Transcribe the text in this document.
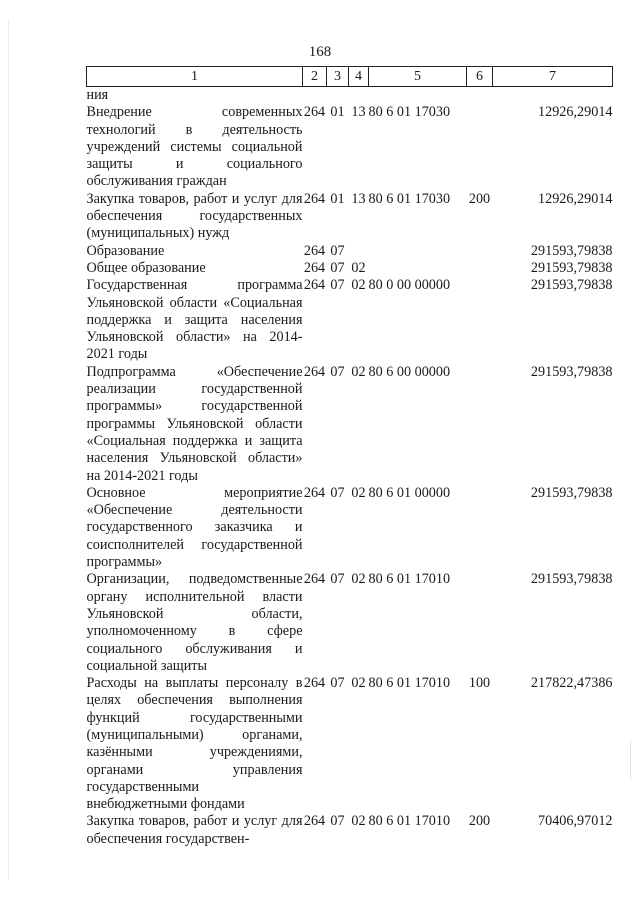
168
1	2	3	4	5	6	7
ния						
Внедрение современных технологий в деятельность учреждений системы социальной защиты и социального обслуживания граждан	264	01	13	80 6 01 17030		12926,29014
Закупка товаров, работ и услуг для обеспечения государственных (муниципальных) нужд	264	01	13	80 6 01 17030	200	12926,29014
Образование	264	07				291593,79838
Общее образование	264	07	02			291593,79838
Государственная программа Ульяновской области «Социальная поддержка и защита населения Ульяновской области» на 2014-2021 годы	264	07	02	80 0 00 00000		291593,79838
Подпрограмма «Обеспечение реализации государственной программы» государственной программы Ульяновской области «Социальная поддержка и защита населения Ульяновской области» на 2014-2021 годы	264	07	02	80 6 00 00000		291593,79838
Основное мероприятие «Обеспечение деятельности государственного заказчика и соисполнителей государственной программы»	264	07	02	80 6 01 00000		291593,79838
Организации, подведомственные органу исполнительной власти Ульяновской области, уполномоченному в сфере социального обслуживания и социальной защиты	264	07	02	80 6 01 17010		291593,79838
Расходы на выплаты персоналу в целях обеспечения выполнения функций государственными (муниципальными) органами, казёнными учреждениями, органами управления государственными внебюджетными фондами	264	07	02	80 6 01 17010	100	217822,47386
Закупка товаров, работ и услуг для обеспечения государствен-	264	07	02	80 6 01 17010	200	70406,97012
